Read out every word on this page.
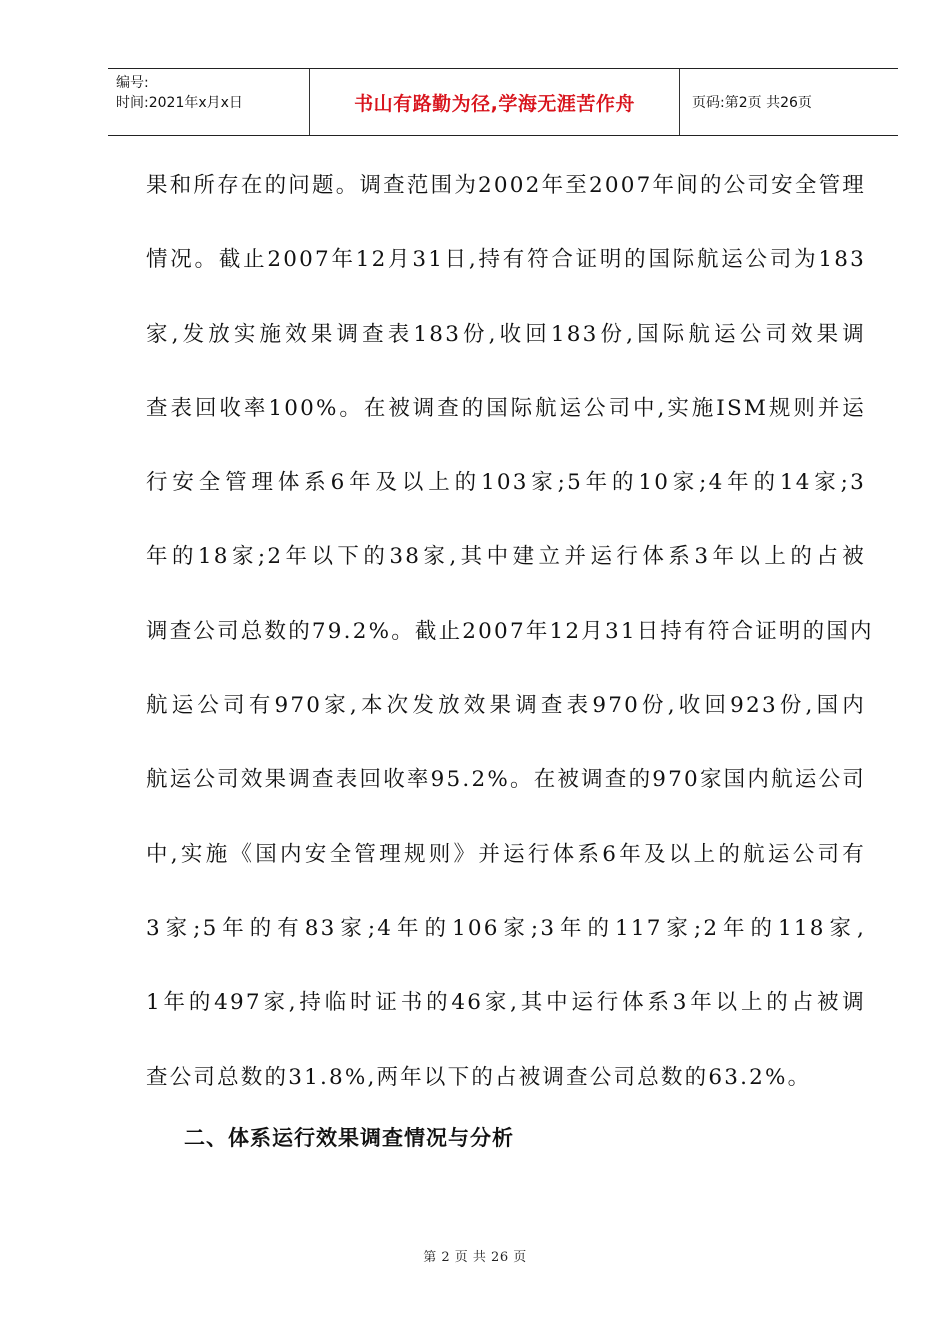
编号:
时间:2021年x月x日	书山有路勤为径,学海无涯苦作舟	页码:第2页 共26页
果和所存在的问题。调查范围为2002年至2007年间的公司安全管理
情况。截止2007年12月31日,持有符合证明的国际航运公司为183
家,发放实施效果调查表183份,收回183份,国际航运公司效果调
查表回收率100%。在被调查的国际航运公司中,实施ISM规则并运
行安全管理体系6年及以上的103家;5年的10家;4年的14家;3
年的18家;2年以下的38家,其中建立并运行体系3年以上的占被
调查公司总数的79.2%。截止2007年12月31日持有符合证明的国内
航运公司有970家,本次发放效果调查表970份,收回923份,国内
航运公司效果调查表回收率95.2%。在被调查的970家国内航运公司
中,实施《国内安全管理规则》并运行体系6年及以上的航运公司有
3家;5年的有83家;4年的106家;3年的117家;2年的118家,
1年的497家,持临时证书的46家,其中运行体系3年以上的占被调
查公司总数的31.8%,两年以下的占被调查公司总数的63.2%。
二、体系运行效果调查情况与分析
第 2 页 共 26 页
